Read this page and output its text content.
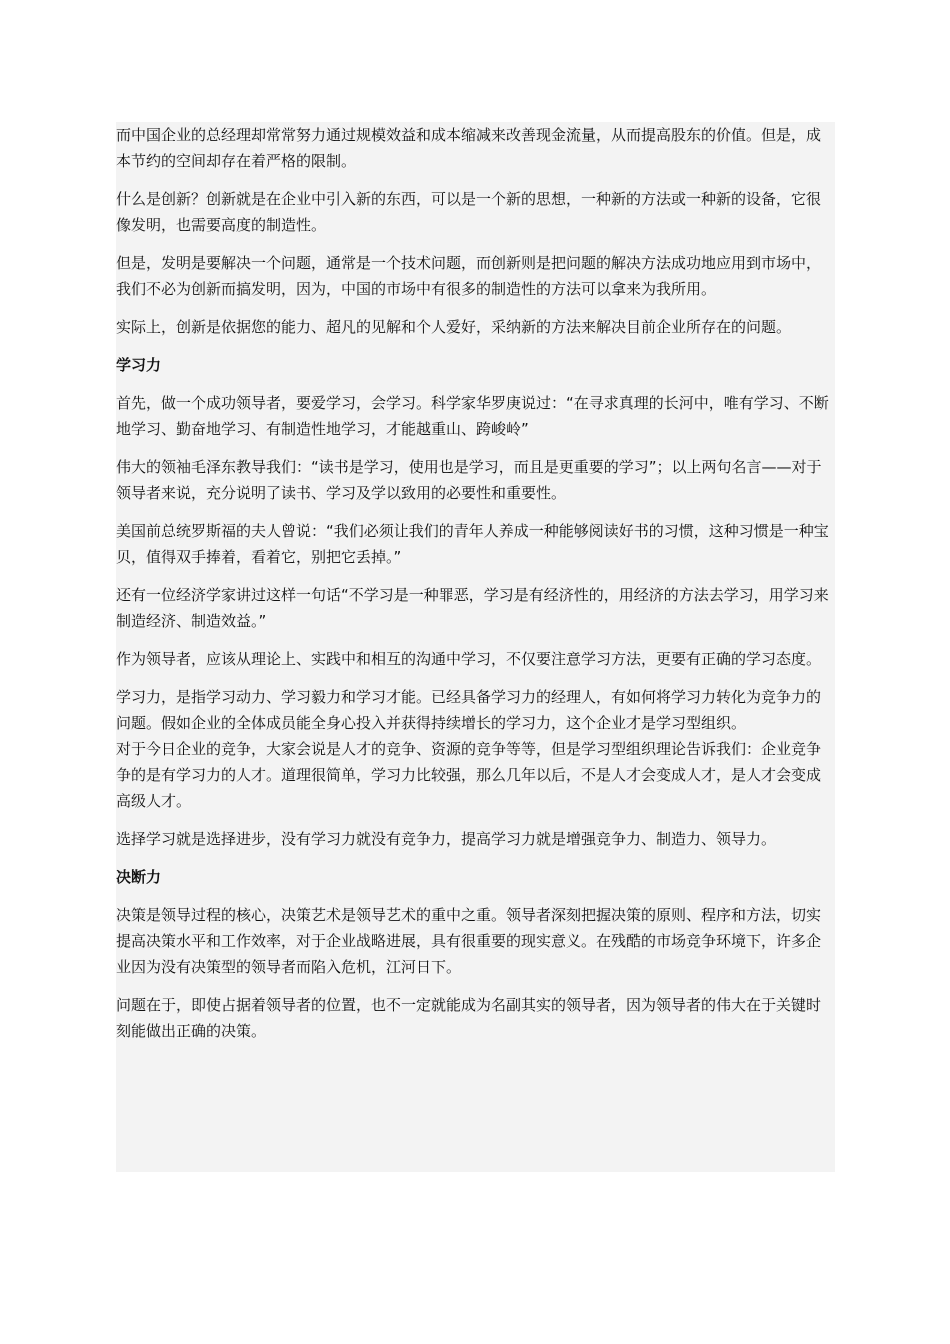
而中国企业的总经理却常常努力通过规模效益和成本缩减来改善现金流量，从而提高股东的价值。但是，成本节约的空间却存在着严格的限制。

什么是创新？创新就是在企业中引入新的东西，可以是一个新的思想，一种新的方法或一种新的设备，它很像发明，也需要高度的制造性。

但是，发明是要解决一个问题，通常是一个技术问题，而创新则是把问题的解决方法成功地应用到市场中，我们不必为创新而搞发明，因为，中国的市场中有很多的制造性的方法可以拿来为我所用。

实际上，创新是依据您的能力、超凡的见解和个人爱好，采纳新的方法来解决目前企业所存在的问题。

学习力

首先，做一个成功领导者，要爱学习，会学习。科学家华罗庚说过：“在寻求真理的长河中，唯有学习、不断地学习、勤奋地学习、有制造性地学习，才能越重山、跨峻岭”

伟大的领袖毛泽东教导我们：“读书是学习，使用也是学习，而且是更重要的学习”；以上两句名言——对于领导者来说，充分说明了读书、学习及学以致用的必要性和重要性。

美国前总统罗斯福的夫人曾说：“我们必须让我们的青年人养成一种能够阅读好书的习惯，这种习惯是一种宝贝，值得双手捧着，看着它，别把它丢掉。”

还有一位经济学家讲过这样一句话“不学习是一种罪恶，学习是有经济性的，用经济的方法去学习，用学习来制造经济、制造效益。”

作为领导者，应该从理论上、实践中和相互的沟通中学习，不仅要注意学习方法，更要有正确的学习态度。

学习力，是指学习动力、学习毅力和学习才能。已经具备学习力的经理人，有如何将学习力转化为竞争力的问题。假如企业的全体成员能全身心投入并获得持续增长的学习力，这个企业才是学习型组织。

对于今日企业的竞争，大家会说是人才的竞争、资源的竞争等等，但是学习型组织理论告诉我们：企业竞争争的是有学习力的人才。道理很简单，学习力比较强，那么几年以后，不是人才会变成人才，是人才会变成高级人才。

选择学习就是选择进步，没有学习力就没有竞争力，提高学习力就是增强竞争力、制造力、领导力。

决断力

决策是领导过程的核心，决策艺术是领导艺术的重中之重。领导者深刻把握决策的原则、程序和方法，切实提高决策水平和工作效率，对于企业战略进展，具有很重要的现实意义。在残酷的市场竞争环境下，许多企业因为没有决策型的领导者而陷入危机，江河日下。

问题在于，即使占据着领导者的位置，也不一定就能成为名副其实的领导者，因为领导者的伟大在于关键时刻能做出正确的决策。
